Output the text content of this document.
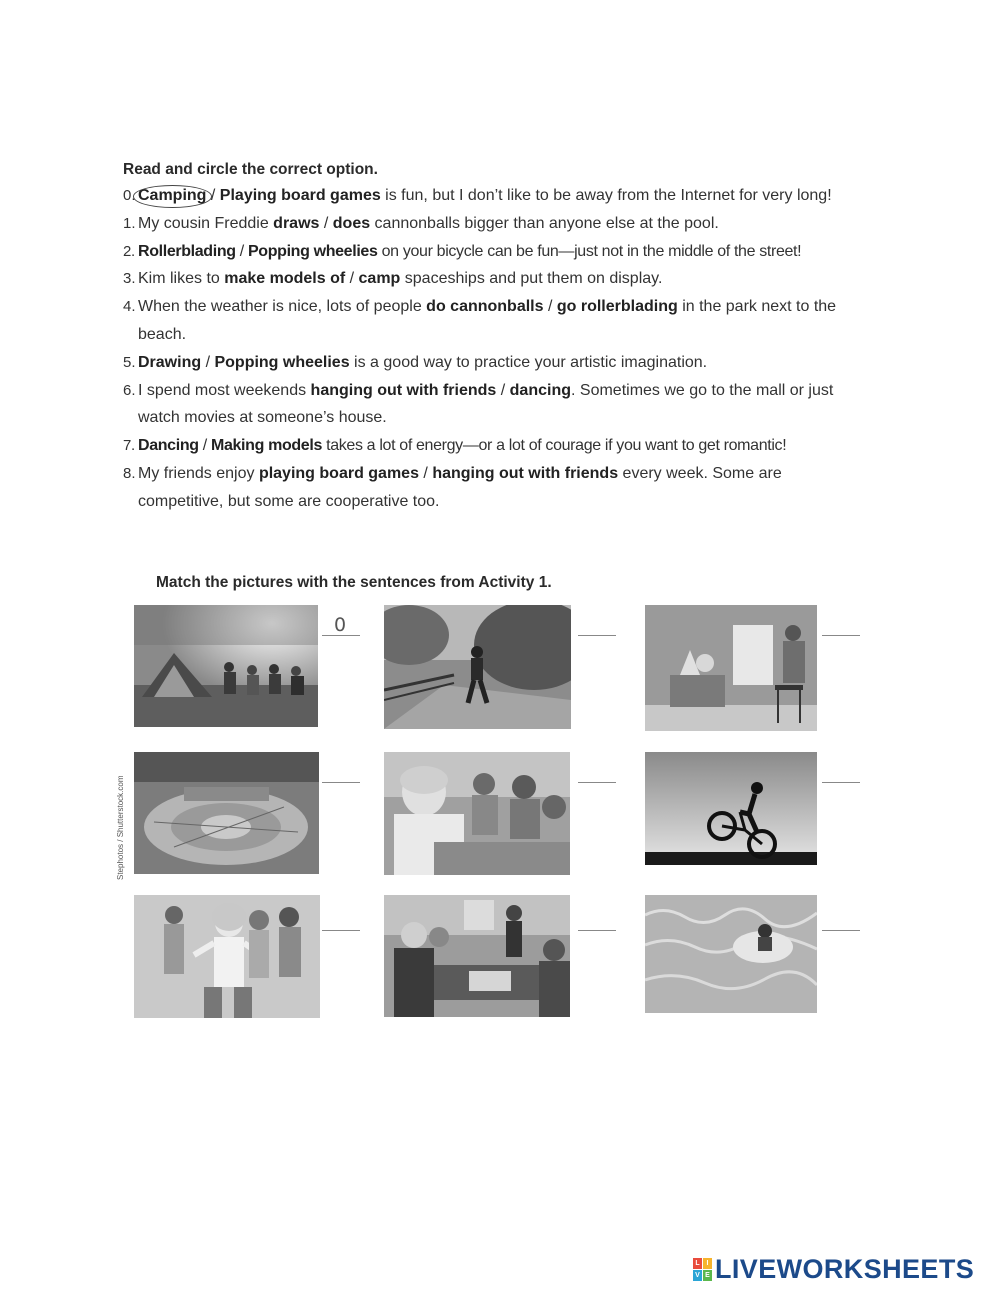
Read and circle the correct option.
0. Camping / Playing board games is fun, but I don’t like to be away from the Internet for very long!
1. My cousin Freddie draws / does cannonballs bigger than anyone else at the pool.
2. Rollerblading / Popping wheelies on your bicycle can be fun—just not in the middle of the street!
3. Kim likes to make models of / camp spaceships and put them on display.
4. When the weather is nice, lots of people do cannonballs / go rollerblading in the park next to the beach.
5. Drawing / Popping wheelies is a good way to practice your artistic imagination.
6. I spend most weekends hanging out with friends / dancing. Sometimes we go to the mall or just watch movies at someone’s house.
7. Dancing / Making models takes a lot of energy—or a lot of courage if you want to get romantic!
8. My friends enjoy playing board games / hanging out with friends every week. Some are competitive, but some are cooperative too.
Match the pictures with the sentences from Activity 1.
0
Stephotos / Shutterstock.com
L I
V E LIVEWORKSHEETS
